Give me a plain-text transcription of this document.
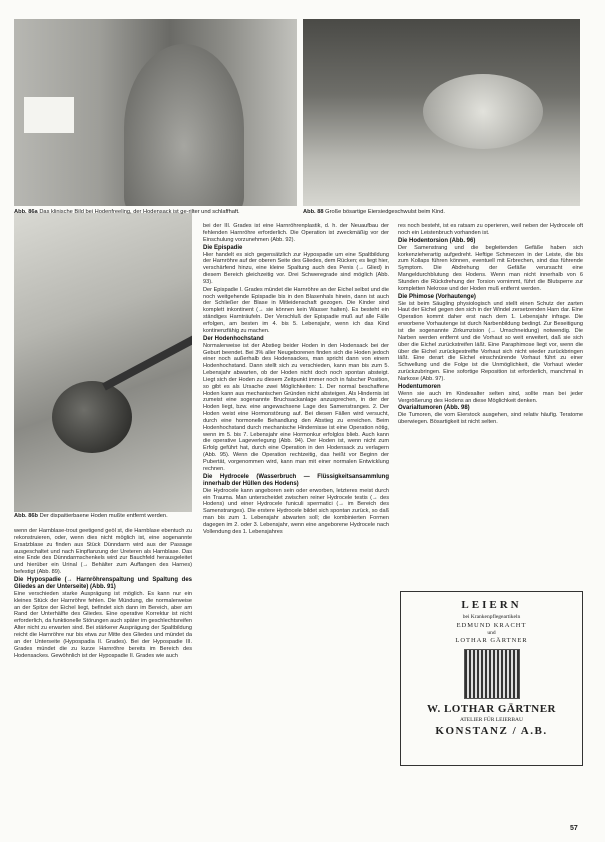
Abb. 86a Das klinische Bild bei Hodenfreeling, der Hodensack ist ge-rilter und schlaffhaft.	Abb. 88 Große bösartige Eiersiedgeschwulst beim Kind.
Abb. 86b Der dispaitierbaene Hoden mußte entfernt werden.

wenn der Harnblase-trout geetigend geöl st, die Harnblase ebentuch zu rekonstruieren, oder, wenn dies nicht möglich ist, eine sogenannte Ersatzblase zu finden aus Stück Dünndarm wird aus der Passage ausgeschaltet und nach Einpflanzung der Ureteren als Harnblase. Das eine Ende des Dünndarmschenkels wird zur Bauchfeld herausgeleitet und hierüber ein Urinal (→ Behälter zum Auffangen des Harnes) befestigt (Abb. 89).

Die Hypospadie (→ Harnröhrenspaltung und Spaltung des Gliedes an der Unterseite) (Abb. 91)

Eine verschieden starke Ausprägung ist möglich. Es kann nur ein kleines Stück der Harnröhre fehlen. Die Mündung, die normalerweise an der Spitze der Eichel liegt, befindet sich dann im Bereich, aber am Rand der Unterhälfte des Gliedes. Eine operative Korrektur ist nicht erforderlich, da funktionelle Störungen auch später im geschlechtsreifen Alter nicht zu erwarten sind. Bei stärkerer Ausprägung der Spaltbildung reicht die Harnröhre nur bis etwa zur Mitte des Gliedes und mündet da an der Unterseite (Hypospadia II. Grades). Bei der Hypospadie III. Grades mündet die zu kurze Harnröhre bereits im Bereich des Hodensackes. Gewöhnlich ist der Hypospadie II. Grades wie auch

bei der III. Grades ist eine Harnröhrenplastik, d. h. der Neuaufbau der fehlenden Harnröhre erforderlich. Die Operation ist zweckmäßig vor der Einschulung vorzunehmen (Abb. 92).

Die Epispadie

Hier handelt es sich gegensätzlich zur Hypospadie um eine Spaltbildung der Harnröhre auf der oberen Seite des Gliedes, dem Rücken; es liegt hier, verschärfend hinzu, eine kleine Spaltung auch des Penis (→ Glied) in diesem Bereich gleichzeitig vor. Drei Schweregrade sind möglich (Abb. 93).

Der Epispadie I. Grades mündet die Harnröhre an der Eichel selbst und die noch weitgehende Epispadie bis in den Blasenhals hinein, dann ist auch der Schließer der Blase in Mitleidenschaft gezogen. Die Kinder sind komplett inkontinent (→ sie können kein Wasser halten). Es besteht ein ständiges Harnträufeln. Der Verschluß der Epispadie muß auf alle Fälle erfolgen, am besten im 4. bis 5. Lebensjahr, wenn ich das Kind kontinenzfähig zu machen.

Der Hodenhochstand

Normalerweise ist der Abstieg beider Hoden in den Hodensack bei der Geburt beendet. Bei 3% aller Neugeborenen finden sich die Hoden jedoch einer noch außerhalb des Hodensackes, man spricht dann von einem Hodenhochstand. Dann stellt sich zu verschieden, kann man bis zum 5. Lebensjahr abwarten, ob der Hoden nicht doch noch spontan absteigt. Liegt sich der Hoden zu diesem Zeitpunkt immer noch in falscher Position, so gibt es als Ursache zwei Möglichkeiten: 1. Der normal beschaffene Hoden kann aus mechanischen Gründen nicht absteigen. Als Hindernis ist zumeist eine sogenannte Bruchsackanlage anzusprechen, in der der Hoden liegt, bzw. eine angewachsene Lage des Samenstranges. 2. Der Hoden weist eine Hormonstörung auf. Bei diesen Fällen wird versucht, durch eine hormonelle Behandlung den Abstieg zu erreichen. Beim Hodenhochstand durch mechanische Hindernisse ist eine Operation nötig, wenn im 5. bis 7. Lebensjahr eine Hormonkur erfolglos blieb. Auch kann die operative Lageverlegung (Abb. 94). Der Hoden ist, wenn nicht zum Erfolg geführt hat, durch eine Operation in den Hodensack zu verlagern (Abb. 95). Wenn die Operation rechtzeitig, das heißt vor Beginn der Pubertät, vorgenommen wird, kann man mit einer normalen Entwicklung rechnen.

Die Hydrocele (Wasserbruch — Flüssigkeitsansammlung innerhalb der Hüllen des Hodens)

Die Hydrocele kann angeboren sein oder erworben, letzteres meist durch ein Trauma. Man unterscheidet zwischen reiner Hydrocele testis (→ des Hodens) und einer Hydrocele funiculi spermatici (→ im Bereich des Samenstranges). Die erstere Hydrocele bildet sich spontan zurück, so daß man bis zum 1. Lebensjahr abwarten soll; die kombinierten Formen dagegen im 2. oder 3. Lebensjahr, wenn eine angeborene Hydrocele nach Vollendung des 1. Lebensjahres

res noch besteht, ist es ratsam zu operieren, weil neben der Hydrocele oft noch ein Leistenbruch vorhanden ist.

Die Hodentorsion (Abb. 96)

Der Samenstrang und die begleitenden Gefäße haben sich korkenzieherartig aufgedreht. Heftige Schmerzen in der Leiste, die bis zum Kollaps führen können, eventuell mit Erbrechen, sind das führende Symptom. Die Abdrehung der Gefäße verursacht eine Mangeldurchblutung des Hodens. Wenn man nicht innerhalb von 6 Stunden die Rückdrehung der Torsion vornimmt, führt die Blutsperre zur kompletten Nekrose und der Hoden muß entfernt werden.

Die Phimose (Vorhautenge)

Sie ist beim Säugling physiologisch und stellt einen Schutz der zarten Haut der Eichel gegen den sich in der Windel zersetzenden Harn dar. Eine Operation kommt daher erst nach dem 1. Lebensjahr infrage. Die erworbene Vorhautenge ist durch Narbenbildung bedingt. Zur Beseitigung ist die sogenannte Zirkumzision (→ Umschneidung) notwendig. Die Narben werden entfernt und die Vorhaut so weit erweitert, daß sie sich über die Eichel zurückstreifen läßt. Eine Paraphimose liegt vor, wenn die über die Eichel zurückgestreifte Vorhaut sich nicht wieder zurückbringen läßt. Eine derart die Eichel einschnürende Vorhaut führt zu einer Schwellung und die Folge ist die Unmöglichkeit, die Vorhaut wieder zurückzubringen. Eine sofortige Reposition ist erforderlich, manchmal in Narkose (Abb. 97).

Hodentumoren

Wenn sie auch im Kindesalter selten sind, sollte man bei jeder Vergrößerung des Hodens an diese Möglichkeit denken.

Ovarialtumoren (Abb. 98)

Die Tumoren, die vom Eierstock ausgehen, sind relativ häufig. Teratome überwiegen. Bösartigkeit ist nicht selten.

LEIERN
bei Krankenpflegeartikeln
EDMUND KRACHT
und
LOTHAR GÄRTNER
W. LOTHAR GÄRTNER
ATELIER FÜR LEIERBAU
KONSTANZ / A.B.
57
